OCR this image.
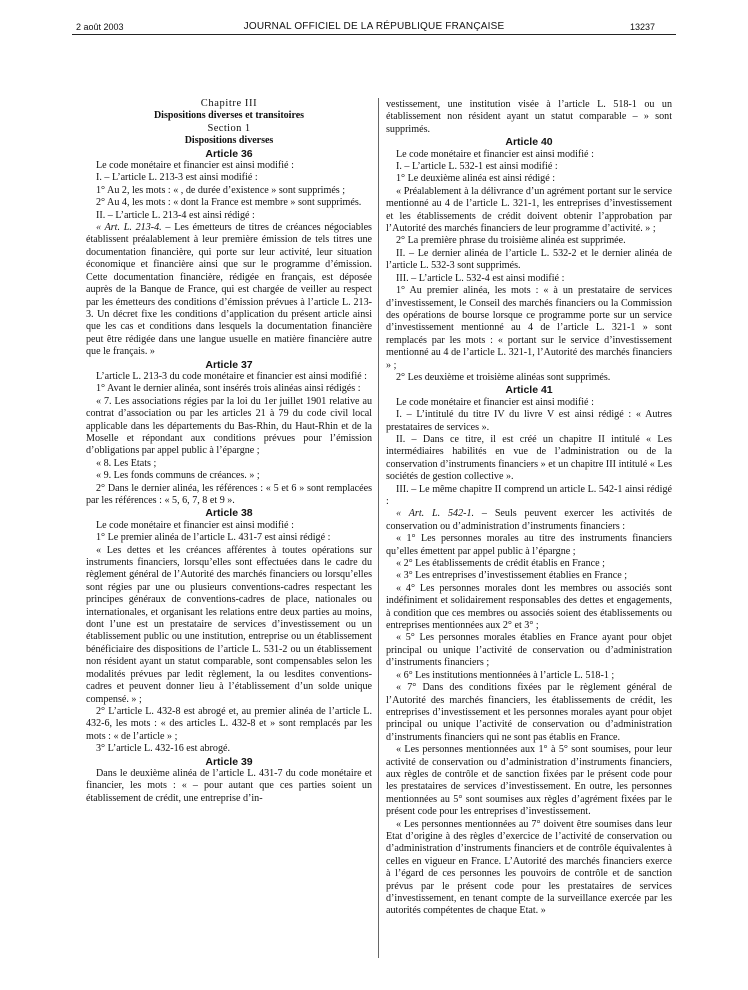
2 août 2003	JOURNAL OFFICIEL DE LA RÉPUBLIQUE FRANÇAISE	13237

Chapitre III

Dispositions diverses et transitoires

Section 1

Dispositions diverses

Article 36

Le code monétaire et financier est ainsi modifié :

I. – L’article L. 213-3 est ainsi modifié :

1° Au 2, les mots : « , de durée d’existence » sont supprimés ;

2° Au 4, les mots : « dont la France est membre » sont supprimés.

II. – L’article L. 213-4 est ainsi rédigé :

« Art. L. 213-4. – Les émetteurs de titres de créances négociables établissent préalablement à leur première émission de tels titres une documentation financière, qui porte sur leur activité, leur situation économique et financière ainsi que sur le programme d’émission. Cette documentation financière, rédigée en français, est déposée auprès de la Banque de France, qui est chargée de veiller au respect par les émetteurs des conditions d’émission prévues à l’article L. 213-3. Un décret fixe les conditions d’application du présent article ainsi que les cas et conditions dans lesquels la documentation financière peut être rédigée dans une langue usuelle en matière financière autre que le français. »

Article 37

L’article L. 213-3 du code monétaire et financier est ainsi modifié :

1° Avant le dernier alinéa, sont insérés trois alinéas ainsi rédigés :

« 7. Les associations régies par la loi du 1er juillet 1901 relative au contrat d’association ou par les articles 21 à 79 du code civil local applicable dans les départements du Bas-Rhin, du Haut-Rhin et de la Moselle et répondant aux conditions prévues pour l’émission d’obligations par appel public à l’épargne ;

« 8. Les Etats ;

« 9. Les fonds communs de créances. » ;

2° Dans le dernier alinéa, les références : « 5 et 6 » sont remplacées par les références : « 5, 6, 7, 8 et 9 ».

Article 38

Le code monétaire et financier est ainsi modifié :

1° Le premier alinéa de l’article L. 431-7 est ainsi rédigé :

« Les dettes et les créances afférentes à toutes opérations sur instruments financiers, lorsqu’elles sont effectuées dans le cadre du règlement général de l’Autorité des marchés financiers ou lorsqu’elles sont régies par une ou plusieurs conventions-cadres respectant les principes généraux de conventions-cadres de place, nationales ou internationales, et organisant les relations entre deux parties au moins, dont l’une est un prestataire de services d’investissement ou un établissement public ou une institution, entreprise ou un établissement bénéficiaire des dispositions de l’article L. 531-2 ou un établissement non résident ayant un statut comparable, sont compensables selon les modalités prévues par ledit règlement, la ou lesdites conventions-cadres et peuvent donner lieu à l’établissement d’un solde unique compensé. » ;

2° L’article L. 432-8 est abrogé et, au premier alinéa de l’article L. 432-6, les mots : « des articles L. 432-8 et » sont remplacés par les mots : « de l’article » ;

3° L’article L. 432-16 est abrogé.

Article 39

Dans le deuxième alinéa de l’article L. 431-7 du code monétaire et financier, les mots : « – pour autant que ces parties soient un établissement de crédit, une entreprise d’in-

vestissement, une institution visée à l’article L. 518-1 ou un établissement non résident ayant un statut comparable – » sont supprimés.

Article 40

Le code monétaire et financier est ainsi modifié :

I. – L’article L. 532-1 est ainsi modifié :

1° Le deuxième alinéa est ainsi rédigé :

« Préalablement à la délivrance d’un agrément portant sur le service mentionné au 4 de l’article L. 321-1, les entreprises d’investissement et les établissements de crédit doivent obtenir l’approbation par l’Autorité des marchés financiers de leur programme d’activité. » ;

2° La première phrase du troisième alinéa est supprimée.

II. – Le dernier alinéa de l’article L. 532-2 et le dernier alinéa de l’article L. 532-3 sont supprimés.

III. – L’article L. 532-4 est ainsi modifié :

1° Au premier alinéa, les mots : « à un prestataire de services d’investissement, le Conseil des marchés financiers ou la Commission des opérations de bourse lorsque ce programme porte sur un service d’investissement mentionné au 4 de l’article L. 321-1 » sont remplacés par les mots : « portant sur le service d’investissement mentionné au 4 de l’article L. 321-1, l’Autorité des marchés financiers » ;

2° Les deuxième et troisième alinéas sont supprimés.

Article 41

Le code monétaire et financier est ainsi modifié :

I. – L’intitulé du titre IV du livre V est ainsi rédigé : « Autres prestataires de services ».

II. – Dans ce titre, il est créé un chapitre II intitulé « Les intermédiaires habilités en vue de l’administration ou de la conservation d’instruments financiers » et un chapitre III intitulé « Les sociétés de gestion collective ».

III. – Le même chapitre II comprend un article L. 542-1 ainsi rédigé :

« Art. L. 542-1. – Seuls peuvent exercer les activités de conservation ou d’administration d’instruments financiers :

« 1° Les personnes morales au titre des instruments financiers qu’elles émettent par appel public à l’épargne ;

« 2° Les établissements de crédit établis en France ;

« 3° Les entreprises d’investissement établies en France ;

« 4° Les personnes morales dont les membres ou associés sont indéfiniment et solidairement responsables des dettes et engagements, à condition que ces membres ou associés soient des établissements ou entreprises mentionnées aux 2° et 3° ;

« 5° Les personnes morales établies en France ayant pour objet principal ou unique l’activité de conservation ou d’administration d’instruments financiers ;

« 6° Les institutions mentionnées à l’article L. 518-1 ;

« 7° Dans des conditions fixées par le règlement général de l’Autorité des marchés financiers, les établissements de crédit, les entreprises d’investissement et les personnes morales ayant pour objet principal ou unique l’activité de conservation ou d’administration d’instruments financiers qui ne sont pas établis en France.

« Les personnes mentionnées aux 1° à 5° sont soumises, pour leur activité de conservation ou d’administration d’instruments financiers, aux règles de contrôle et de sanction fixées par le présent code pour les prestataires de services d’investissement. En outre, les personnes mentionnées au 5° sont soumises aux règles d’agrément fixées par le présent code pour les entreprises d’investissement.

« Les personnes mentionnées au 7° doivent être soumises dans leur Etat d’origine à des règles d’exercice de l’activité de conservation ou d’administration d’instruments financiers et de contrôle équivalentes à celles en vigueur en France. L’Autorité des marchés financiers exerce à l’égard de ces personnes les pouvoirs de contrôle et de sanction prévus par le présent code pour les prestataires de services d’investissement, en tenant compte de la surveillance exercée par les autorités compétentes de chaque Etat. »
